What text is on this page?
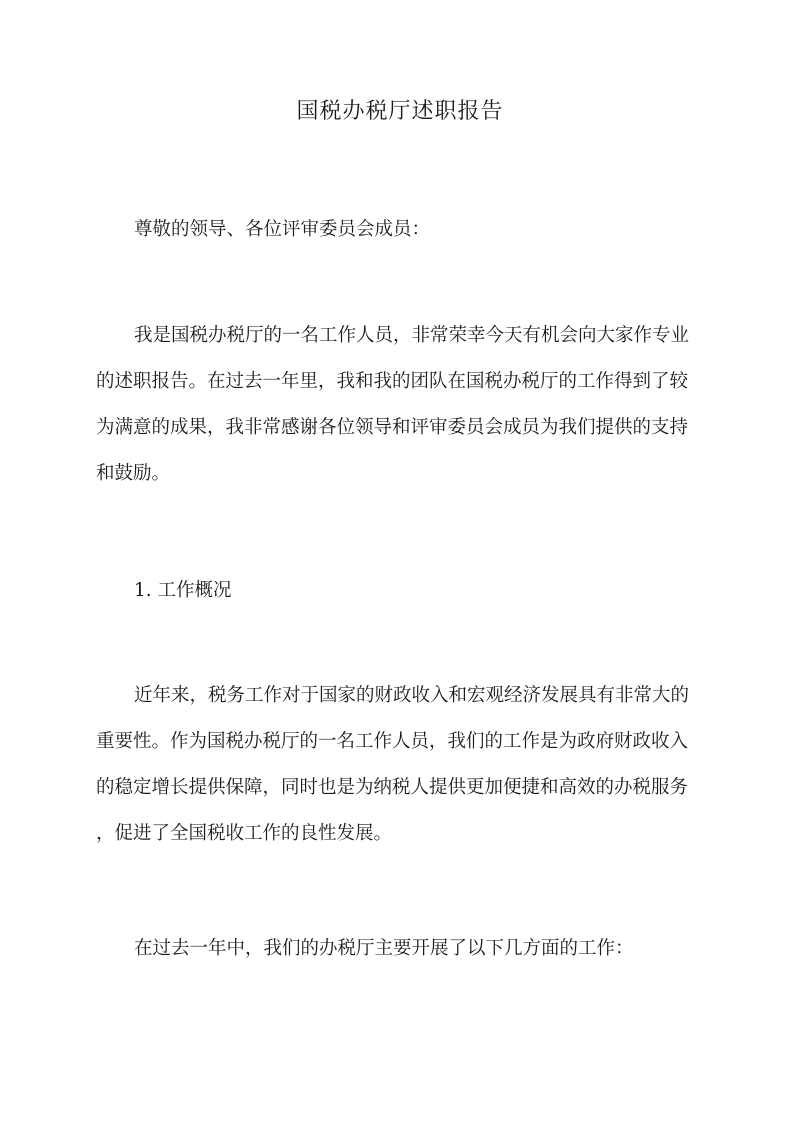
国税办税厅述职报告
尊敬的领导、各位评审委员会成员：
我是国税办税厅的一名工作人员，非常荣幸今天有机会向大家作专业
的述职报告。在过去一年里，我和我的团队在国税办税厅的工作得到了较
为满意的成果，我非常感谢各位领导和评审委员会成员为我们提供的支持
和鼓励。
1. 工作概况
近年来，税务工作对于国家的财政收入和宏观经济发展具有非常大的
重要性。作为国税办税厅的一名工作人员，我们的工作是为政府财政收入
的稳定增长提供保障，同时也是为纳税人提供更加便捷和高效的办税服务
，促进了全国税收工作的良性发展。
在过去一年中，我们的办税厅主要开展了以下几方面的工作：
